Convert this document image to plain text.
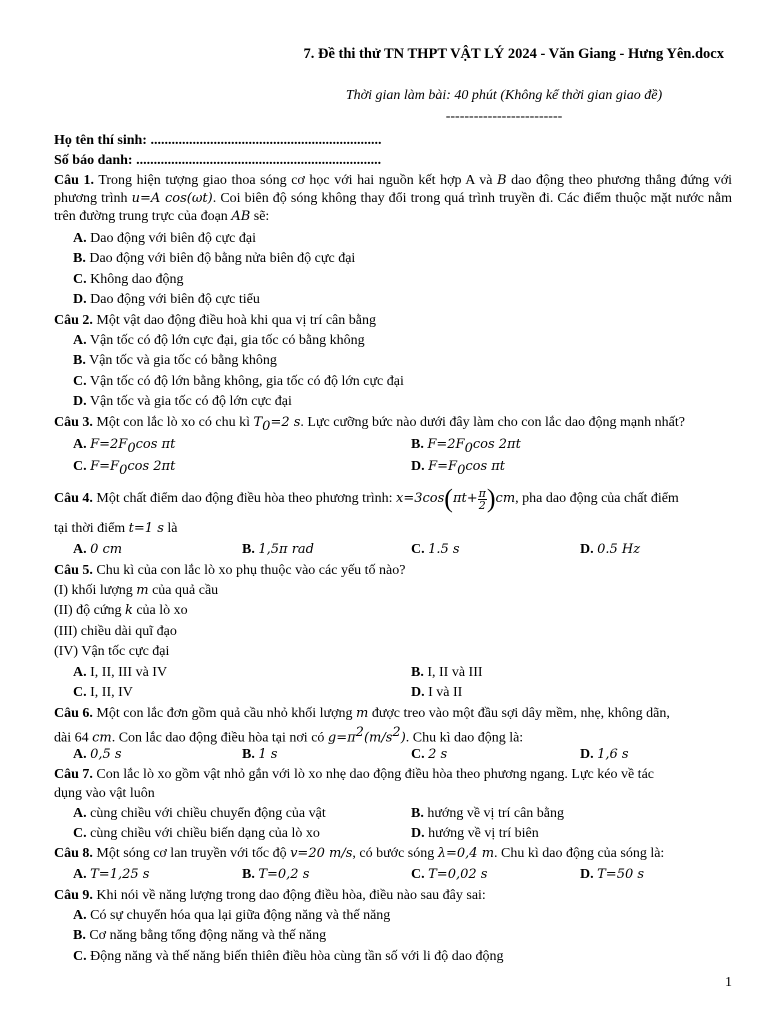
7. Đề thi thử TN THPT VẬT LÝ 2024 - Văn Giang - Hưng Yên.docx
Thời gian làm bài: 40 phút (Không kể thời gian giao đề)
-------------------------
Họ tên thí sinh: ..................................................................
Số báo danh: ......................................................................
Câu 1. Trong hiện tượng giao thoa sóng cơ học với hai nguồn kết hợp A và B dao động theo phương thẳng đứng với phương trình u=A cos(ωt). Coi biên độ sóng không thay đổi trong quá trình truyền đi. Các điểm thuộc mặt nước nằm trên đường trung trực của đoạn AB sẽ:
A. Dao động với biên độ cực đại
B. Dao động với biên độ bằng nửa biên độ cực đại
C. Không dao động
D. Dao động với biên độ cực tiểu
Câu 2. Một vật dao động điều hoà khi qua vị trí cân bằng
A. Vận tốc có độ lớn cực đại, gia tốc có bằng không
B. Vận tốc và gia tốc có bằng không
C. Vận tốc có độ lớn bằng không, gia tốc có độ lớn cực đại
D. Vận tốc và gia tốc có độ lớn cực đại
Câu 3. Một con lắc lò xo có chu kì $T_0=2$ s. Lực cưỡng bức nào dưới đây làm cho con lắc dao động mạnh nhất?
A. $F=2F_0\cos$ πt	B. $F=2F_0\cos$ 2πt
C. $F=F_0\cos$ 2πt	D. $F=F_0\cos$ πt
Câu 4. Một chất điểm dao động điều hòa theo phương trình: $x=3\cos(\pi t+ \frac{\pi}{2} )cm$, pha dao động của chất điểm
tại thời điểm t=1 s là
A. 0 cm	B. 1,5π rad	C. 1.5 s	D. 0.5 Hz
Câu 5. Chu kì của con lắc lò xo phụ thuộc vào các yếu tố nào?
(I) khối lượng m của quả cầu
(II) độ cứng k của lò xo
(III) chiều dài quĩ đạo
(IV) Vận tốc cực đại
A. I, II, III và IV	B. I, II và III
C. I, II, IV	D. I và II
Câu 6. Một con lắc đơn gồm quả cầu nhỏ khối lượng m được treo vào một đầu sợi dây mềm, nhẹ, không dãn,
dài 64 cm. Con lắc dao động điều hòa tại nơi có $g=\pi^2(m/s^2)$. Chu kì dao động là:
A. 0,5 s	B. 1 s	C. 2 s	D. 1,6 s
Câu 7. Con lắc lò xo gồm vật nhỏ gắn với lò xo nhẹ dao động điều hòa theo phương ngang. Lực kéo về tác
dụng vào vật luôn
A. cùng chiều với chiều chuyển động của vật	B. hướng về vị trí cân bằng
C. cùng chiều với chiều biến dạng của lò xo	D. hướng về vị trí biên
Câu 8. Một sóng cơ lan truyền với tốc độ v=20 m/s, có bước sóng λ=0,4 m. Chu kì dao động của sóng là:
A. T=1,25 s	B. T=0,2 s	C. T=0,02 s	D. T=50 s
Câu 9. Khi nói về năng lượng trong dao động điều hòa, điều nào sau đây sai:
A. Có sự chuyển hóa qua lại giữa động năng và thế năng
B. Cơ năng bằng tổng động năng và thế năng
C. Động năng và thế năng biến thiên điều hòa cùng tần số với li độ dao động
1
